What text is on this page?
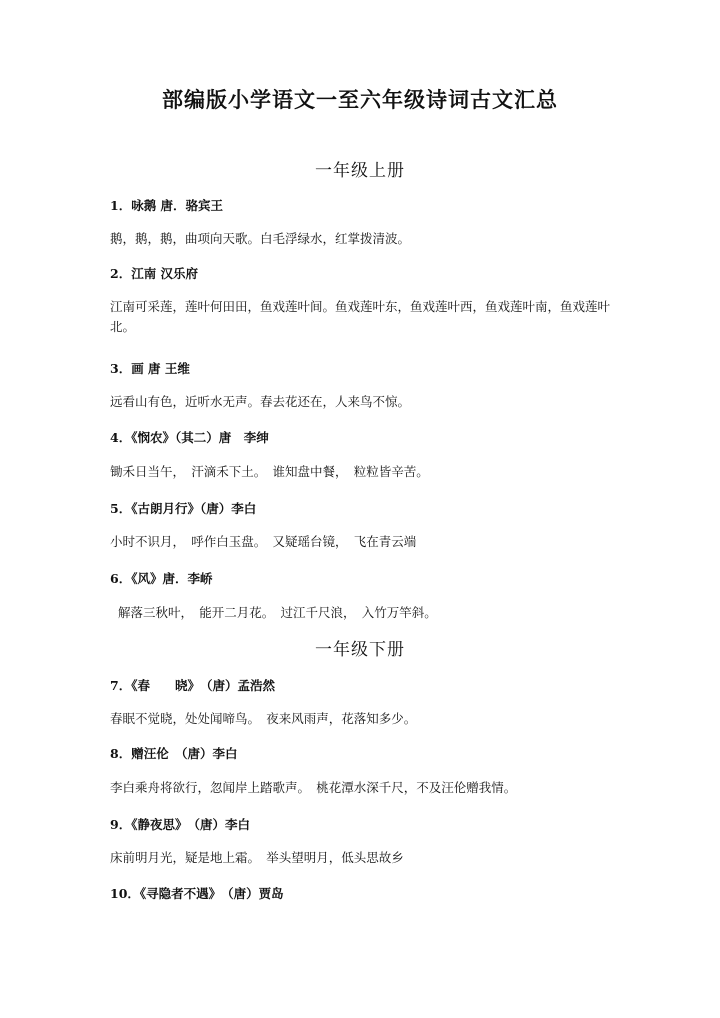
部编版小学语文一至六年级诗词古文汇总
一年级上册
1．咏鹅 唐．骆宾王
鹅，鹅，鹅，曲项向天歌。白毛浮绿水，红掌拨清波。
2．江南 汉乐府
江南可采莲，莲叶何田田，鱼戏莲叶间。鱼戏莲叶东，鱼戏莲叶西，鱼戏莲叶南，鱼戏莲叶北。
3．画 唐 王维
远看山有色，近听水无声。春去花还在，人来鸟不惊。
4．《悯农》（其二）唐　李绅
锄禾日当午，　汗滴禾下土。　谁知盘中餐，　粒粒皆辛苦。
5．《古朗月行》（唐）李白
小时不识月，　呼作白玉盘。　又疑瑶台镜，　飞在青云端
6．《风》唐．李峤
解落三秋叶，　能开二月花。　过江千尺浪，　入竹万竿斜。
一年级下册
7．《春　　晓》　（唐）孟浩然
春眠不觉晓，处处闻啼鸟。　夜来风雨声，花落知多少。
8．赠汪伦　（唐）李白
李白乘舟将欲行，忽闻岸上踏歌声。　桃花潭水深千尺，不及汪伦赠我情。
9．《静夜思》　（唐）李白
床前明月光，疑是地上霜。　举头望明月，低头思故乡
10．《寻隐者不遇》　（唐）贾岛
